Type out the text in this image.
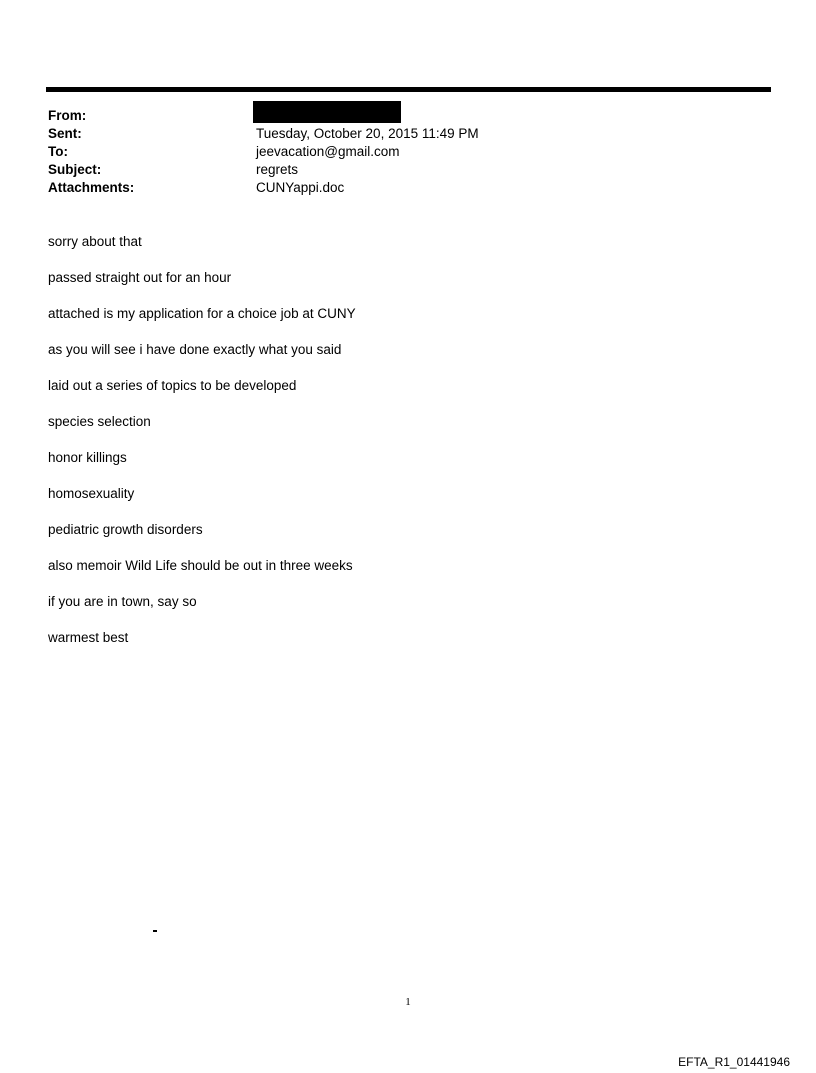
From:
Sent:	Tuesday, October 20, 2015 11:49 PM
To:	jeevacation@gmail.com
Subject:	regrets
Attachments:	CUNYappi.doc
sorry about that
passed straight out for an hour
attached is my application for a choice job at CUNY
as you will see i have done exactly what you said
laid out a series of topics to be developed
species selection
honor killings
homosexuality
pediatric growth disorders
also memoir Wild Life should be out in three weeks
if you are in town, say so
warmest best
1
EFTA_R1_01441946
